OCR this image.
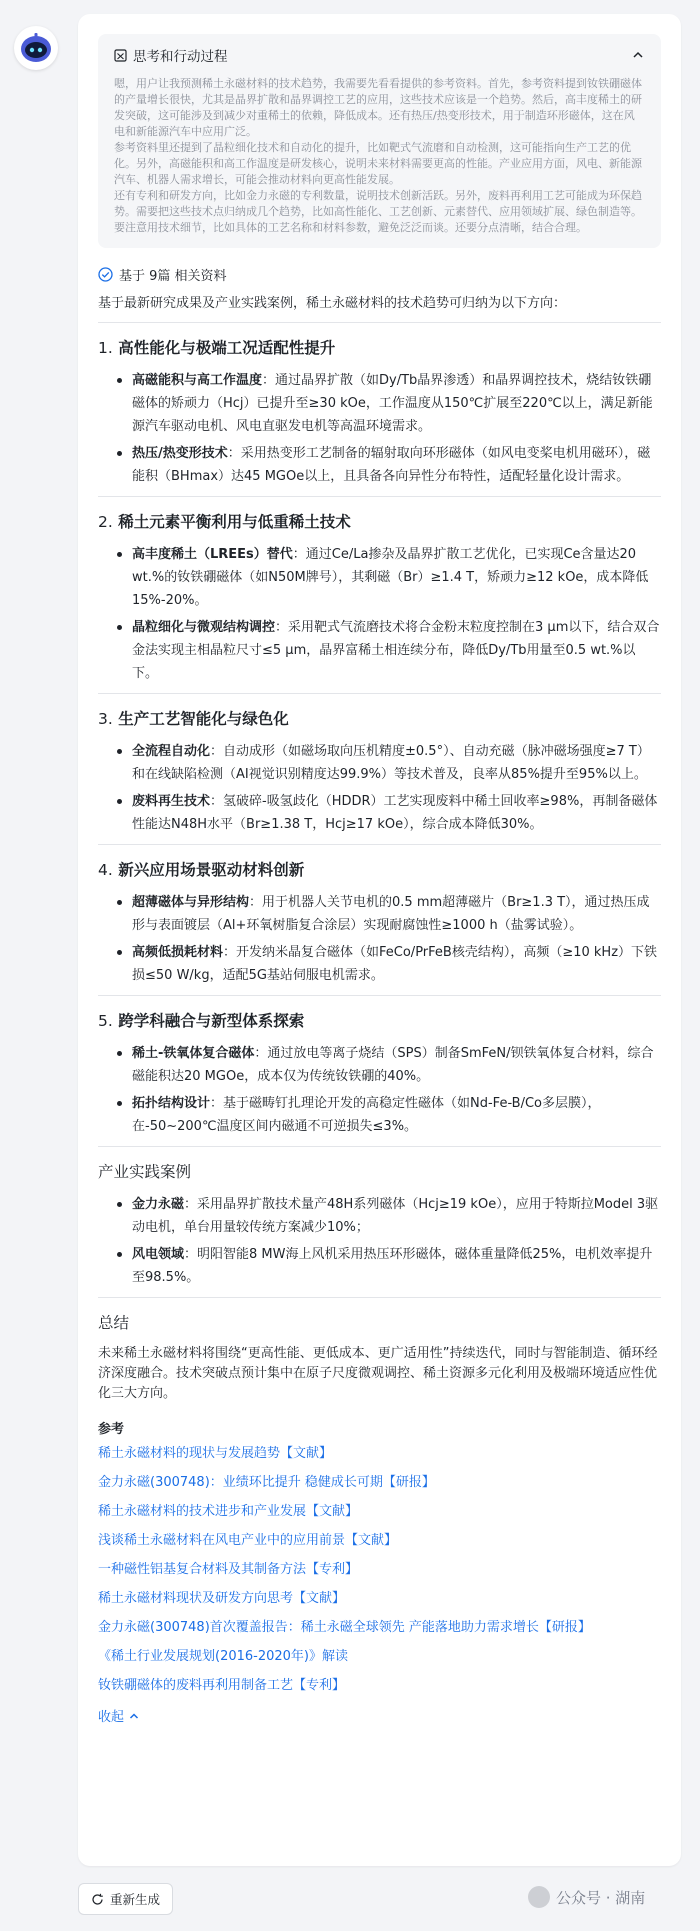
思考和行动过程

嗯，用户让我预测稀土永磁材料的技术趋势，我需要先看看提供的参考资料。首先，参考资料提到钕铁硼磁体的产量增长很快，尤其是晶界扩散和晶界调控工艺的应用，这些技术应该是一个趋势。然后，高丰度稀土的研发突破，这可能涉及到减少对重稀土的依赖，降低成本。还有热压/热变形技术，用于制造环形磁体，这在风电和新能源汽车中应用广泛。

参考资料里还提到了晶粒细化技术和自动化的提升，比如靶式气流磨和自动检测，这可能指向生产工艺的优化。另外，高磁能积和高工作温度是研发核心，说明未来材料需要更高的性能。产业应用方面，风电、新能源汽车、机器人需求增长，可能会推动材料向更高性能发展。

还有专利和研发方向，比如金力永磁的专利数量，说明技术创新活跃。另外，废料再利用工艺可能成为环保趋势。需要把这些技术点归纳成几个趋势，比如高性能化、工艺创新、元素替代、应用领域扩展、绿色制造等。要注意用技术细节，比如具体的工艺名称和材料参数，避免泛泛而谈。还要分点清晰，结合合理。

基于 9篇 相关资料
基于最新研究成果及产业实践案例，稀土永磁材料的技术趋势可归纳为以下方向：
1. 高性能化与极端工况适配性提升
高磁能积与高工作温度：通过晶界扩散（如Dy/Tb晶界渗透）和晶界调控技术，烧结钕铁硼磁体的矫顽力（Hcj）已提升至≥30 kOe，工作温度从150℃扩展至220℃以上，满足新能源汽车驱动电机、风电直驱发电机等高温环境需求。
热压/热变形技术：采用热变形工艺制备的辐射取向环形磁体（如风电变桨电机用磁环），磁能积（BHmax）达45 MGOe以上，且具备各向异性分布特性，适配轻量化设计需求。
2. 稀土元素平衡利用与低重稀土技术
高丰度稀土（LREEs）替代：通过Ce/La掺杂及晶界扩散工艺优化，已实现Ce含量达20 wt.%的钕铁硼磁体（如N50M牌号），其剩磁（Br）≥1.4 T，矫顽力≥12 kOe，成本降低15%-20%。
晶粒细化与微观结构调控：采用靶式气流磨技术将合金粉末粒度控制在3 μm以下，结合双合金法实现主相晶粒尺寸≤5 μm，晶界富稀土相连续分布，降低Dy/Tb用量至0.5 wt.%以下。
3. 生产工艺智能化与绿色化
全流程自动化：自动成形（如磁场取向压机精度±0.5°）、自动充磁（脉冲磁场强度≥7 T）和在线缺陷检测（AI视觉识别精度达99.9%）等技术普及，良率从85%提升至95%以上。
废料再生技术：氢破碎-吸氢歧化（HDDR）工艺实现废料中稀土回收率≥98%，再制备磁体性能达N48H水平（Br≥1.38 T，Hcj≥17 kOe），综合成本降低30%。
4. 新兴应用场景驱动材料创新
超薄磁体与异形结构：用于机器人关节电机的0.5 mm超薄磁片（Br≥1.3 T），通过热压成形与表面镀层（Al+环氧树脂复合涂层）实现耐腐蚀性≥1000 h（盐雾试验）。
高频低损耗材料：开发纳米晶复合磁体（如FeCo/PrFeB核壳结构），高频（≥10 kHz）下铁损≤50 W/kg，适配5G基站伺服电机需求。
5. 跨学科融合与新型体系探索
稀土-铁氧体复合磁体：通过放电等离子烧结（SPS）制备SmFeN/钡铁氧体复合材料，综合磁能积达20 MGOe，成本仅为传统钕铁硼的40%。
拓扑结构设计：基于磁畴钉扎理论开发的高稳定性磁体（如Nd-Fe-B/Co多层膜），在-50~200℃温度区间内磁通不可逆损失≤3%。
产业实践案例
金力永磁：采用晶界扩散技术量产48H系列磁体（Hcj≥19 kOe），应用于特斯拉Model 3驱动电机，单台用量较传统方案减少10%；
风电领域：明阳智能8 MW海上风机采用热压环形磁体，磁体重量降低25%，电机效率提升至98.5%。
总结
未来稀土永磁材料将围绕“更高性能、更低成本、更广适用性”持续迭代，同时与智能制造、循环经济深度融合。技术突破点预计集中在原子尺度微观调控、稀土资源多元化利用及极端环境适应性优化三大方向。
参考
稀土永磁材料的现状与发展趋势【文献】
金力永磁(300748)：业绩环比提升 稳健成长可期【研报】
稀土永磁材料的技术进步和产业发展【文献】
浅谈稀土永磁材料在风电产业中的应用前景【文献】
一种磁性铝基复合材料及其制备方法【专利】
稀土永磁材料现状及研发方向思考【文献】
金力永磁(300748)首次覆盖报告：稀土永磁全球领先 产能落地助力需求增长【研报】
《稀土行业发展规划(2016-2020年)》解读
钕铁硼磁体的废料再利用制备工艺【专利】
收起
重新生成	公众号 · 湖南
